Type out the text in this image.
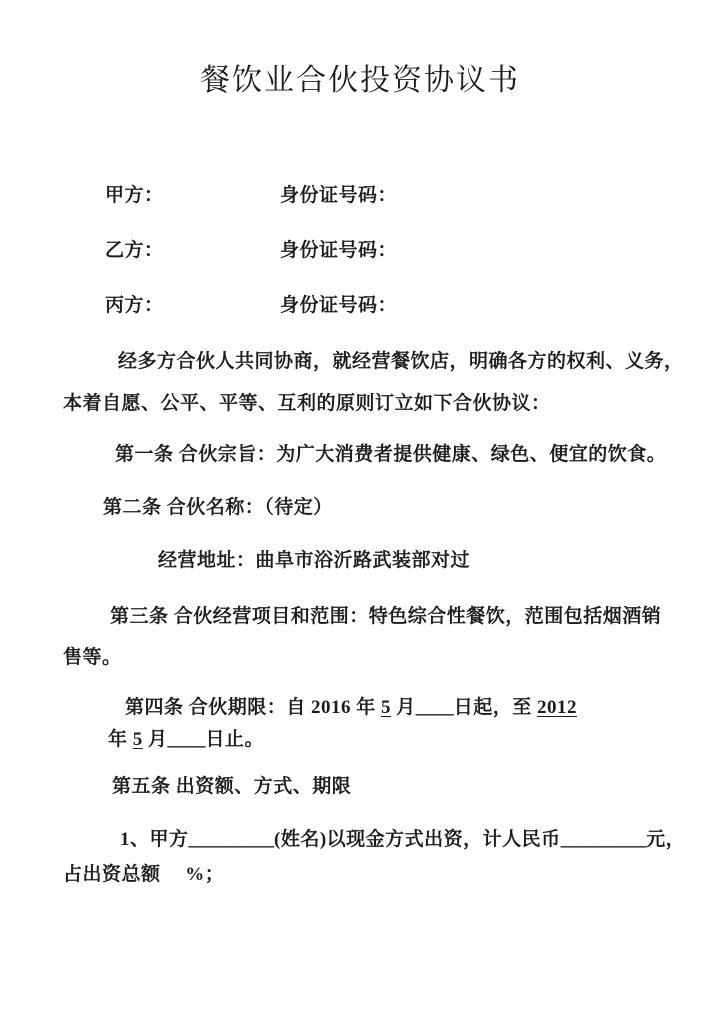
餐饮业合伙投资协议书
甲方：	身份证号码：
乙方：	身份证号码：
丙方：	身份证号码：
经多方合伙人共同协商，就经营餐饮店，明确各方的权利、义务，
本着自愿、公平、平等、互利的原则订立如下合伙协议：
第一条 合伙宗旨：为广大消费者提供健康、绿色、便宜的饮食。
第二条 合伙名称：（待定）
经营地址：曲阜市浴沂路武装部对过
第三条 合伙经营项目和范围：特色综合性餐饮，范围包括烟酒销
售等。
第四条 合伙期限：自 2016 年 5 月____日起，至 2012
年 5 月____日止。
第五条 出资额、方式、期限
1、甲方_________(姓名)以现金方式出资，计人民币_________元，
占出资总额　 %；
